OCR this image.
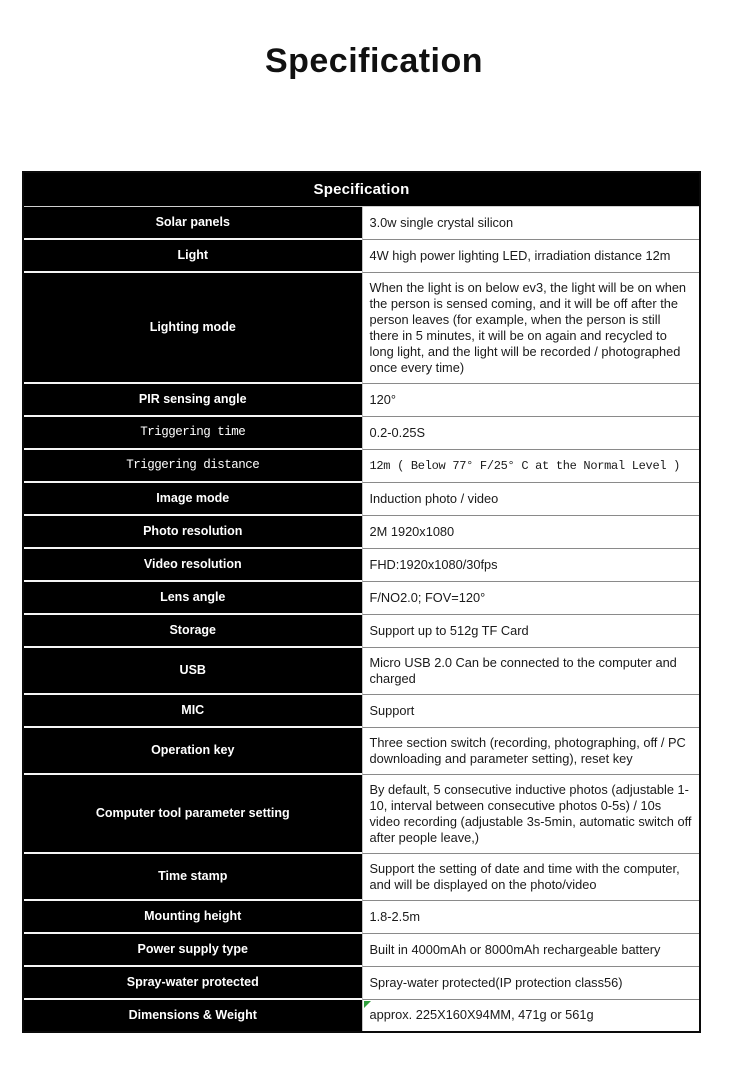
Specification
Specification	
Solar panels	3.0w single crystal silicon
Light	4W high power lighting LED, irradiation distance 12m
Lighting mode	When the light is on below ev3, the light will be on when the person is sensed coming, and it will be off after the person leaves (for example, when the person is still there in 5 minutes, it will be on again and recycled to long light, and the light will be recorded / photographed once every time)
PIR sensing angle	120°
Triggering time	0.2-0.25S
Triggering distance	12m ( Below 77° F/25° C at the Normal Level )
Image mode	Induction photo / video
Photo resolution	2M 1920x1080
Video resolution	FHD:1920x1080/30fps
Lens angle	F/NO2.0; FOV=120°
Storage	Support up to 512g TF Card
USB	Micro USB 2.0 Can be connected to the computer and charged
MIC	Support
Operation key	Three section switch (recording, photographing, off / PC downloading and parameter setting), reset key
Computer tool parameter setting	By default, 5 consecutive inductive photos (adjustable 1-10, interval between consecutive photos 0-5s) / 10s video recording (adjustable 3s-5min, automatic switch off after people leave,)
Time stamp	Support the setting of date and time with the computer, and will be displayed on the photo/video
Mounting height	1.8-2.5m
Power supply type	Built in 4000mAh or 8000mAh rechargeable battery
Spray-water protected	Spray-water protected(IP protection class56)
Dimensions & Weight	approx. 225X160X94MM, 471g or 561g
